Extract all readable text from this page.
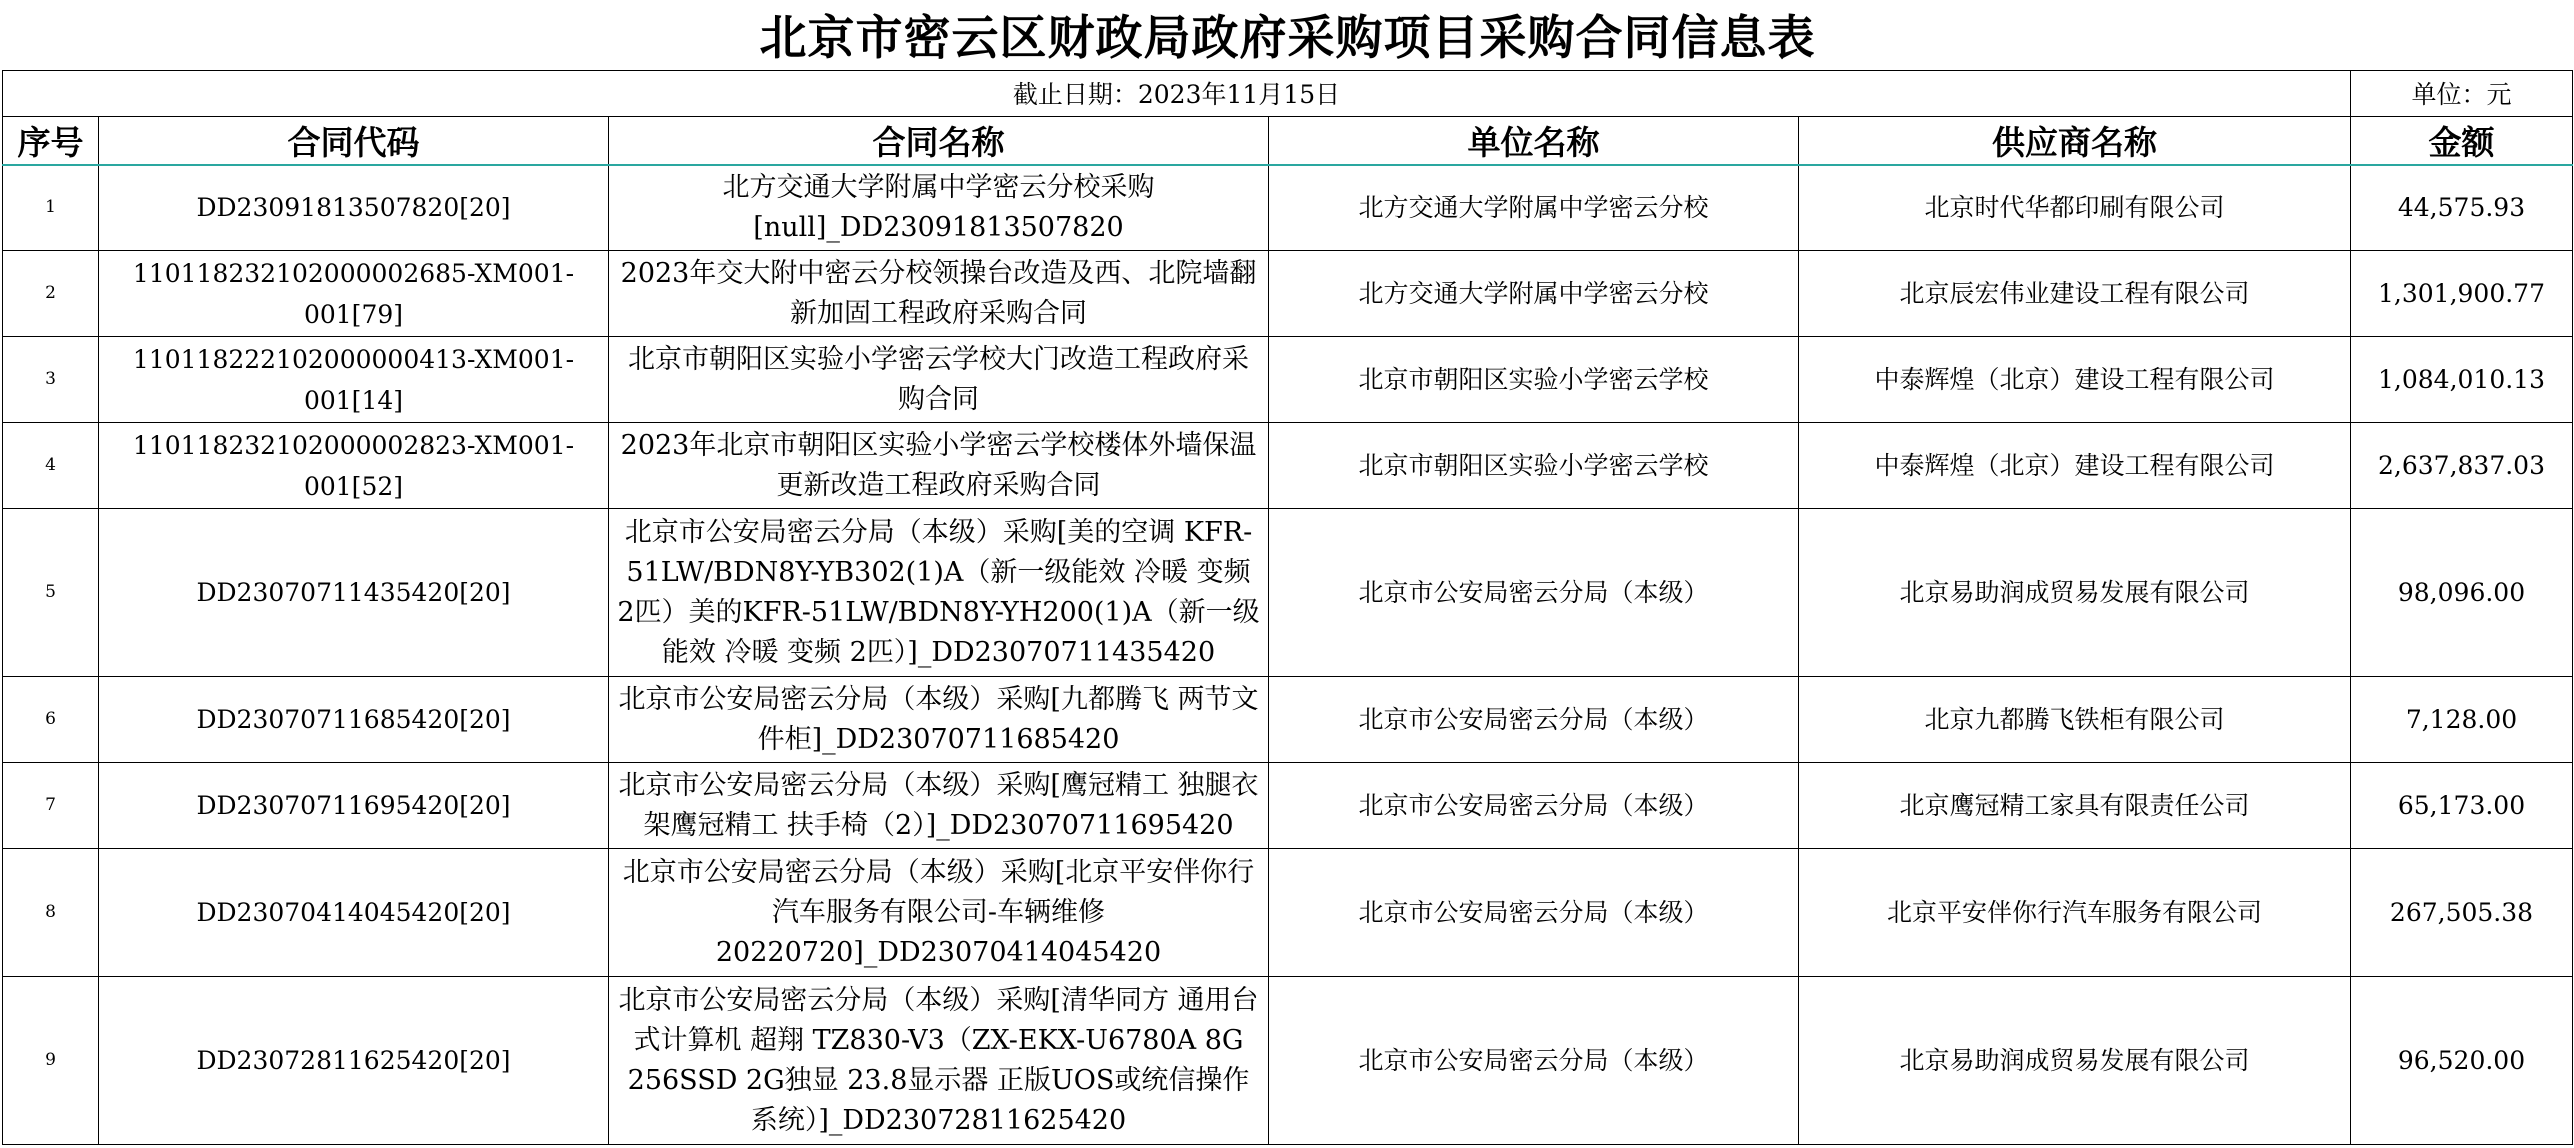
北京市密云区财政局政府采购项目采购合同信息表					
截止日期：2023年11月15日					单位：元
序号	合同代码	合同名称	单位名称	供应商名称	金额
1	DD23091813507820[20]	北方交通大学附属中学密云分校采购[null]_DD23091813507820	北方交通大学附属中学密云分校	北京时代华都印刷有限公司	44,575.93
2	110118232102000002685-XM001-001[79]	2023年交大附中密云分校领操台改造及西、北院墙翻新加固工程政府采购合同	北方交通大学附属中学密云分校	北京辰宏伟业建设工程有限公司	1,301,900.77
3	110118222102000000413-XM001-001[14]	北京市朝阳区实验小学密云学校大门改造工程政府采购合同	北京市朝阳区实验小学密云学校	中泰辉煌（北京）建设工程有限公司	1,084,010.13
4	110118232102000002823-XM001-001[52]	2023年北京市朝阳区实验小学密云学校楼体外墙保温更新改造工程政府采购合同	北京市朝阳区实验小学密云学校	中泰辉煌（北京）建设工程有限公司	2,637,837.03
5	DD23070711435420[20]	北京市公安局密云分局（本级）采购[美的空调 KFR-51LW/BDN8Y-YB302(1)A（新一级能效 冷暖 变频 2匹）美的KFR-51LW/BDN8Y-YH200(1)A（新一级能效 冷暖 变频 2匹）]_DD23070711435420	北京市公安局密云分局（本级）	北京易助润成贸易发展有限公司	98,096.00
6	DD23070711685420[20]	北京市公安局密云分局（本级）采购[九都腾飞 两节文件柜]_DD23070711685420	北京市公安局密云分局（本级）	北京九都腾飞铁柜有限公司	7,128.00
7	DD23070711695420[20]	北京市公安局密云分局（本级）采购[鹰冠精工 独腿衣架鹰冠精工 扶手椅（2）]_DD23070711695420	北京市公安局密云分局（本级）	北京鹰冠精工家具有限责任公司	65,173.00
8	DD23070414045420[20]	北京市公安局密云分局（本级）采购[北京平安伴你行汽车服务有限公司-车辆维修20220720]_DD23070414045420	北京市公安局密云分局（本级）	北京平安伴你行汽车服务有限公司	267,505.38
9	DD23072811625420[20]	北京市公安局密云分局（本级）采购[清华同方 通用台式计算机 超翔 TZ830-V3（ZX-EKX-U6780A 8G 256SSD 2G独显 23.8显示器 正版UOS或统信操作系统）]_DD23072811625420	北京市公安局密云分局（本级）	北京易助润成贸易发展有限公司	96,520.00
